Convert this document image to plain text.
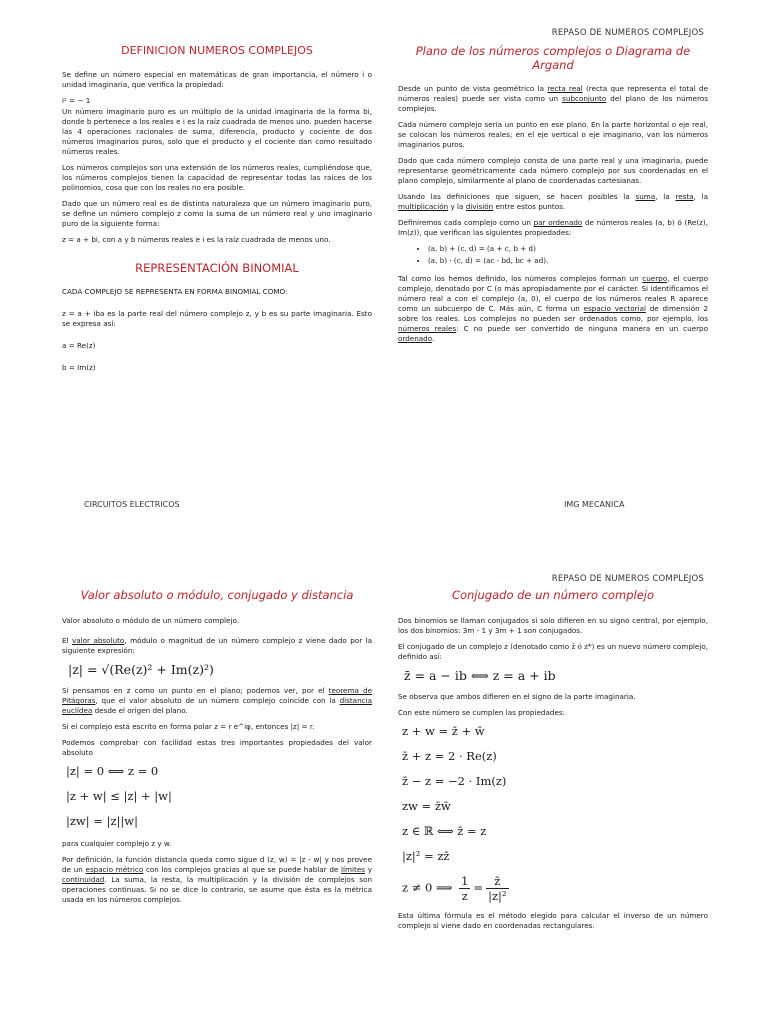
REPASO DE NUMEROS COMPLEJOS
DEFINICION NUMEROS COMPLEJOS

Se define un número especial en matemáticas de gran importancia, el número i o unidad imaginaria, que verifica la propiedad:

i² = − 1

Un número imaginario puro es un múltiplo de la unidad imaginaria de la forma bi, donde b pertenece a los reales e i es la raíz cuadrada de menos uno. pueden hacerse las 4 operaciones racionales de suma, diferencia, producto y cociente de dos números imaginarios puros, solo que el producto y el cociente dan como resultado números reales.

Los números complejos son una extensión de los números reales, cumpliéndose que, los números complejos tienen la capacidad de representar todas las raíces de los polinomios, cosa que con los reales no era posible.

Dado que un número real es de distinta naturaleza que un número imaginario puro, se define un número complejo z como la suma de un número real y uno imaginario puro de la siguiente forma:

z = a + bi, con a y b números reales e i es la raíz cuadrada de menos uno.

REPRESENTACIÓN BINOMIAL

CADA COMPLEJO SE REPRESENTA EN FORMA BINOMIAL COMO:

z = a + iba es la parte real del número complejo z, y b es su parte imaginaria. Esto se expresa así:

a = Re(z)

b = Im(z)

Plano de los números complejos o Diagrama de Argand

Desde un punto de vista geométrico la recta real (recta que representa el total de números reales) puede ser vista como un subconjunto del plano de los números complejos.

Cada número complejo sería un punto en ese plano. En la parte horizontal o eje real, se colocan los números reales; en el eje vertical o eje imaginario, van los números imaginarios puros.

Dado que cada número complejo consta de una parte real y una imaginaria, puede representarse geométricamente cada número complejo por sus coordenadas en el plano complejo, similarmente al plano de coordenadas cartesianas.

Usando las definiciones que siguen, se hacen posibles la suma, la resta, la multiplicación y la división entre estos puntos.

Definiremos cada complejo como un par ordenado de números reales (a, b) ó (Re(z), Im(z)), que verifican las siguientes propiedades:

• (a, b) + (c, d) = (a + c, b + d)
• (a, b) · (c, d) = (ac - bd, bc + ad).

Tal como los hemos definido, los números complejos forman un cuerpo, el cuerpo complejo, denotado por C (o más apropiadamente por el carácter. Si identificamos el número real a con el complejo (a, 0), el cuerpo de los números reales R aparece como un subcuerpo de C. Más aún, C forma un espacio vectorial de dimensión 2 sobre los reales. Los complejos no pueden ser ordenados como, por ejemplo, los números reales: C no puede ser convertido de ninguna manera en un cuerpo ordenado.

CIRCUITOS ELECTRICOS	IMG MECANICA
REPASO DE NUMEROS COMPLEJOS
Valor absoluto o módulo, conjugado y distancia

Valor absoluto o módulo de un número complejo.

El valor absoluto, módulo o magnitud de un número complejo z viene dado por la siguiente expresión:

|z| = √(Re(z)² + Im(z)²)

Si pensamos en z como un punto en el plano; podemos ver, por el teorema de Pitágoras, que el valor absoluto de un número complejo coincide con la distancia euclídea desde el origen del plano.

Si el complejo está escrito en forma polar z = r e^iφ, entonces |z| = r.

Podemos comprobar con facilidad estas tres importantes propiedades del valor absoluto

|z| = 0 ⟺ z = 0
|z + w| ≤ |z| + |w|
|zw| = |z||w|

para cualquier complejo z y w.

Por definición, la función distancia queda como sigue d (z, w) = |z - w| y nos provee de un espacio métrico con los complejos gracias al que se puede hablar de límites y continuidad. La suma, la resta, la multiplicación y la división de complejos son operaciones continuas. Si no se dice lo contrario, se asume que ésta es la métrica usada en los números complejos.

Conjugado de un número complejo

Dos binomios se llaman conjugados si solo difieren en su signo central, por ejemplo, los dos binomios: 3m - 1 y 3m + 1 son conjugados.

El conjugado de un complejo z (denotado como z̄ ó z*) es un nuevo número complejo, definido así:

z̄ = a − ib ⟺ z = a + ib

Se observa que ambos difieren en el signo de la parte imaginaria.

Con este número se cumplen las propiedades:

z + w = z̄ + w̄
z̄ + z = 2 · Re(z)
z̄ − z = −2 · Im(z)
zw = z̄w̄
z ∈ ℝ ⟺ z̄ = z
|z|² = zz̄
z ≠ 0 ⟹ $\frac{1}{z} = \frac{z̄}{\text{|z|²}}$

Esta última fórmula es el método elegido para calcular el inverso de un número complejo si viene dado en coordenadas rectangulares.
